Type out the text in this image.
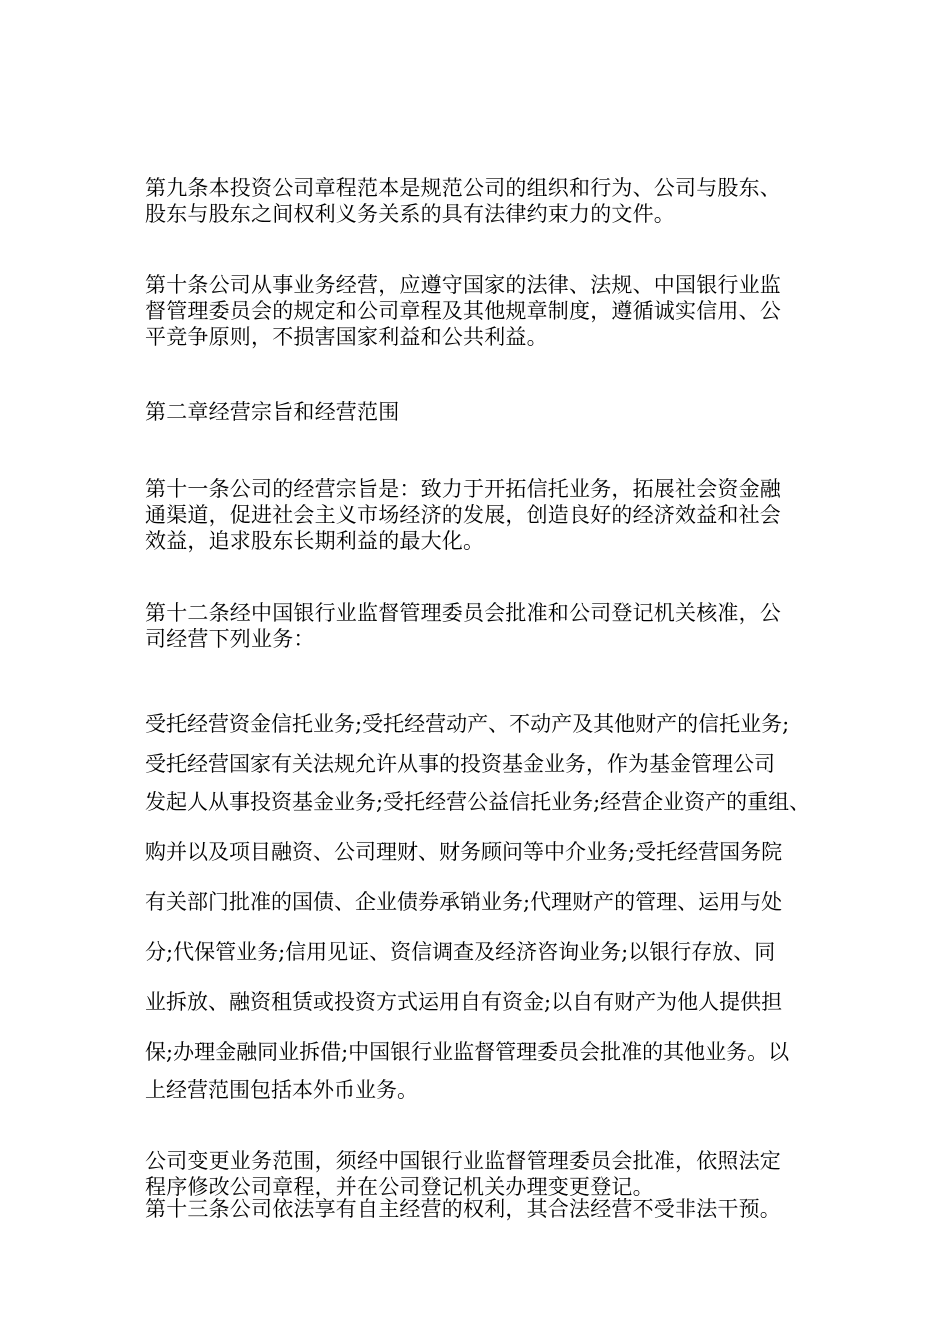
第九条本投资公司章程范本是规范公司的组织和行为、公司与股东、
股东与股东之间权利义务关系的具有法律约束力的文件。

第十条公司从事业务经营，应遵守国家的法律、法规、中国银行业监
督管理委员会的规定和公司章程及其他规章制度，遵循诚实信用、公
平竞争原则，不损害国家利益和公共利益。

第二章经营宗旨和经营范围

第十一条公司的经营宗旨是：致力于开拓信托业务，拓展社会资金融
通渠道，促进社会主义市场经济的发展，创造良好的经济效益和社会
效益，追求股东长期利益的最大化。

第十二条经中国银行业监督管理委员会批准和公司登记机关核准，公
司经营下列业务：

受托经营资金信托业务;受托经营动产、不动产及其他财产的信托业务;
受托经营国家有关法规允许从事的投资基金业务，作为基金管理公司
发起人从事投资基金业务;受托经营公益信托业务;经营企业资产的重组、
购并以及项目融资、公司理财、财务顾问等中介业务;受托经营国务院
有关部门批准的国债、企业债券承销业务;代理财产的管理、运用与处
分;代保管业务;信用见证、资信调查及经济咨询业务;以银行存放、同
业拆放、融资租赁或投资方式运用自有资金;以自有财产为他人提供担
保;办理金融同业拆借;中国银行业监督管理委员会批准的其他业务。以
上经营范围包括本外币业务。

公司变更业务范围，须经中国银行业监督管理委员会批准，依照法定
程序修改公司章程，并在公司登记机关办理变更登记。

第十三条公司依法享有自主经营的权利，其合法经营不受非法干预。
